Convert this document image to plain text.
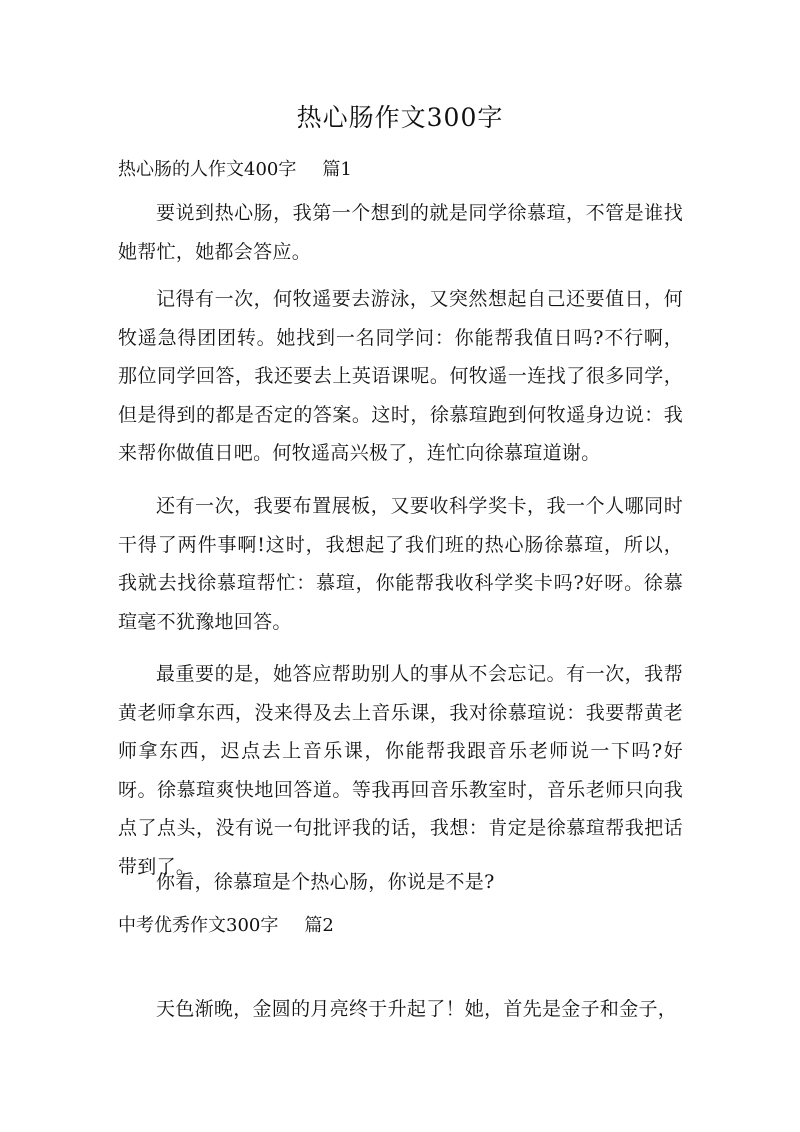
热心肠作文300字
热心肠的人作文400字 篇1

要说到热心肠，我第一个想到的就是同学徐慕瑄，不管是谁找她帮忙，她都会答应。

记得有一次，何牧遥要去游泳，又突然想起自己还要值日，何牧遥急得团团转。她找到一名同学问：你能帮我值日吗?不行啊，那位同学回答，我还要去上英语课呢。何牧遥一连找了很多同学，但是得到的都是否定的答案。这时，徐慕瑄跑到何牧遥身边说：我来帮你做值日吧。何牧遥高兴极了，连忙向徐慕瑄道谢。

还有一次，我要布置展板，又要收科学奖卡，我一个人哪同时干得了两件事啊!这时，我想起了我们班的热心肠徐慕瑄，所以，我就去找徐慕瑄帮忙：慕瑄，你能帮我收科学奖卡吗?好呀。徐慕瑄毫不犹豫地回答。

最重要的是，她答应帮助别人的事从不会忘记。有一次，我帮黄老师拿东西，没来得及去上音乐课，我对徐慕瑄说：我要帮黄老师拿东西，迟点去上音乐课，你能帮我跟音乐老师说一下吗?好呀。徐慕瑄爽快地回答道。等我再回音乐教室时，音乐老师只向我点了点头，没有说一句批评我的话，我想：肯定是徐慕瑄帮我把话带到了。

你看，徐慕瑄是个热心肠，你说是不是?

中考优秀作文300字 篇2

天色渐晚，金圆的月亮终于升起了！她，首先是金子和金子，
